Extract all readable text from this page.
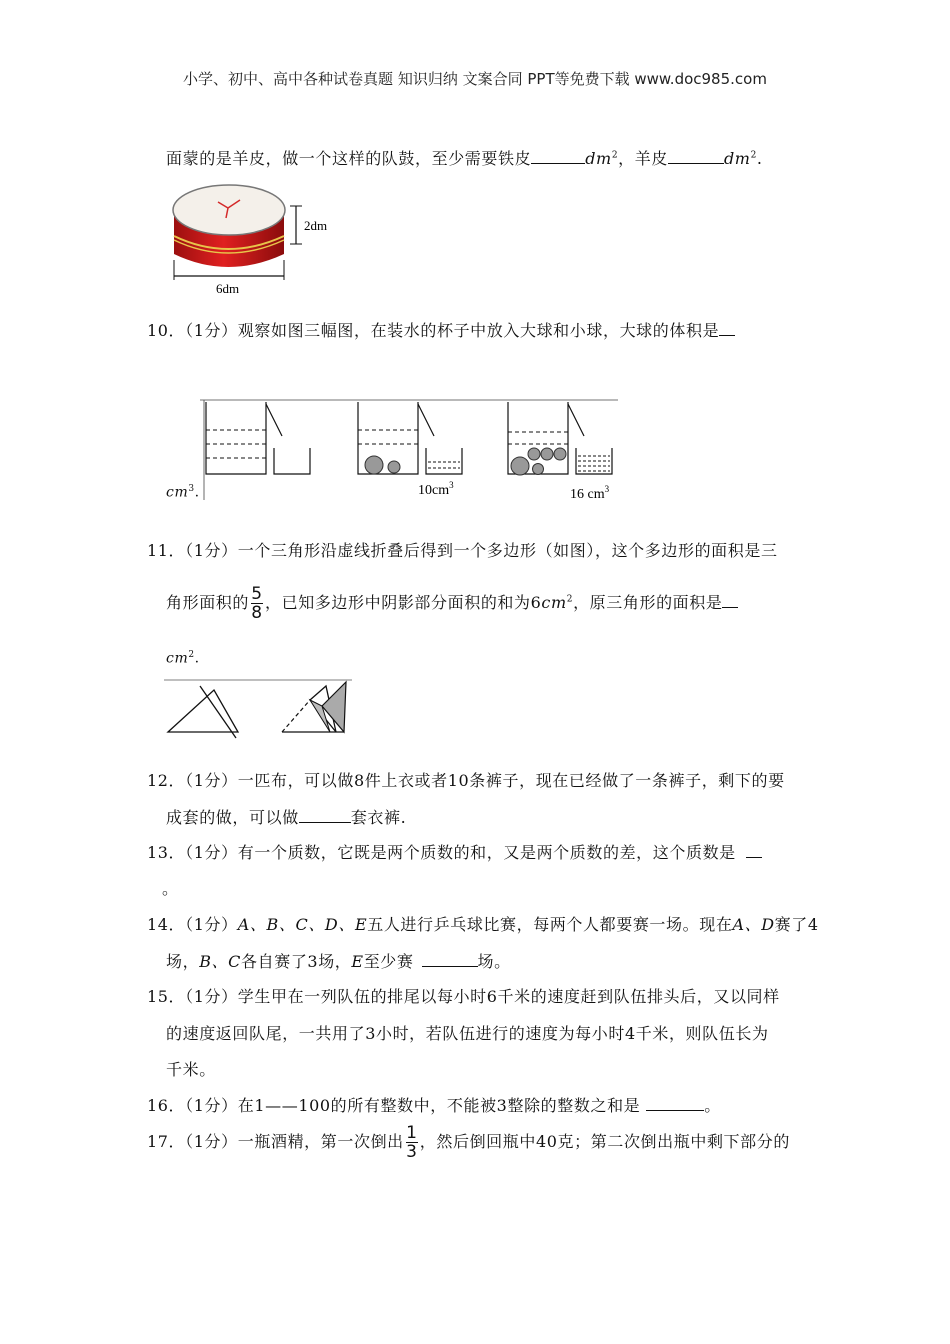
小学、初中、高中各种试卷真题 知识归纳 文案合同 PPT等免费下载 www.doc985.com
面蒙的是羊皮，做一个这样的队鼓，至少需要铁皮	$dm^2$，羊皮	$dm^2$.
2dm
6dm
10．（1分）观察如图三幅图，在装水的杯子中放入大球和小球，大球的体积是
$10cm^3$
16 $cm^3$
$cm^3$.
11．（1分）一个三角形沿虚线折叠后得到一个多边形（如图），这个多边形的面积是三
角形面积的 $\frac{5}{8}$ ，已知多边形中阴影部分面积的和为$6cm^2$，原三角形的面积是
$cm^2$.
12．（1分）一匹布，可以做8件上衣或者10条裤子，现在已经做了一条裤子，剩下的要
成套的做，可以做	套衣裤.
13．（1分）有一个质数，它既是两个质数的和，又是两个质数的差，这个质数是
。
14．（1分）A、B、C、D、E五人进行乒乓球比赛，每两个人都要赛一场。现在A、D赛了4
场，B、C各自赛了3场，E至少赛	场。
15．（1分）学生甲在一列队伍的排尾以每小时6千米的速度赶到队伍排头后，又以同样
的速度返回队尾，一共用了3小时，若队伍进行的速度为每小时4千米，则队伍长为
千米。
16．（1分）在1——100的所有整数中，不能被3整除的整数之和是	。
17．（1分）一瓶酒精，第一次倒出 $\frac{1}{3}$ ，然后倒回瓶中40克；第二次倒出瓶中剩下部分的
